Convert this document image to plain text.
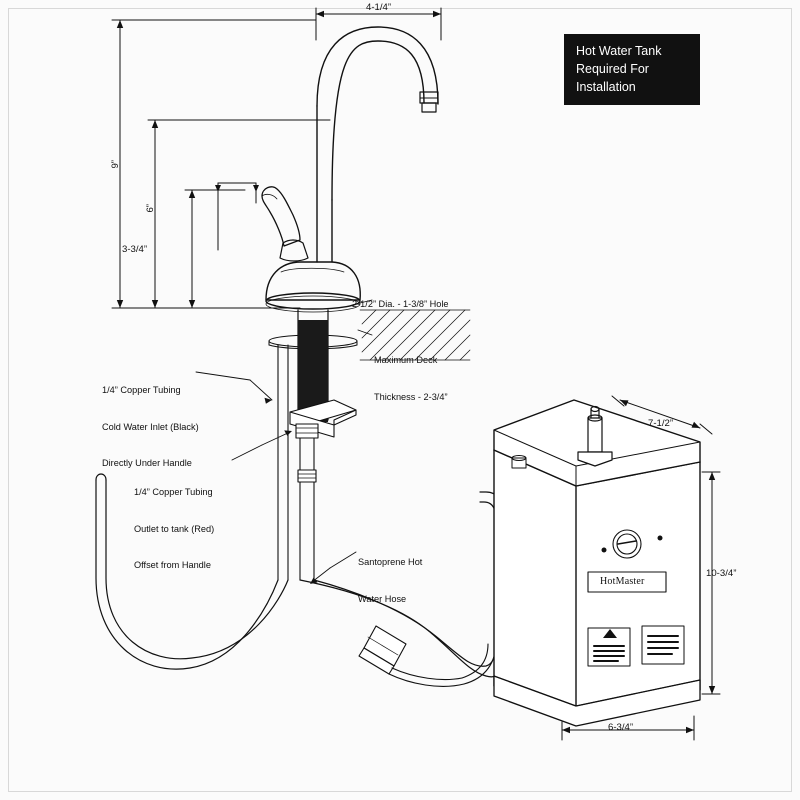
Hot Water Tank
Required For
Installation
4-1/4”
9”
6”
3-3/4”
7-1/2”
10-3/4”
6-3/4”
2-1/2” Dia. - 1-3/8” Hole

Maximum Deck

Thickness - 2-3/4”

1/4” Copper Tubing

Cold Water Inlet (Black)

Directly Under Handle

1/4” Copper Tubing

Outlet to tank (Red)

Offset from Handle

	Santoprene Hot

Water Hose

HotMaster
